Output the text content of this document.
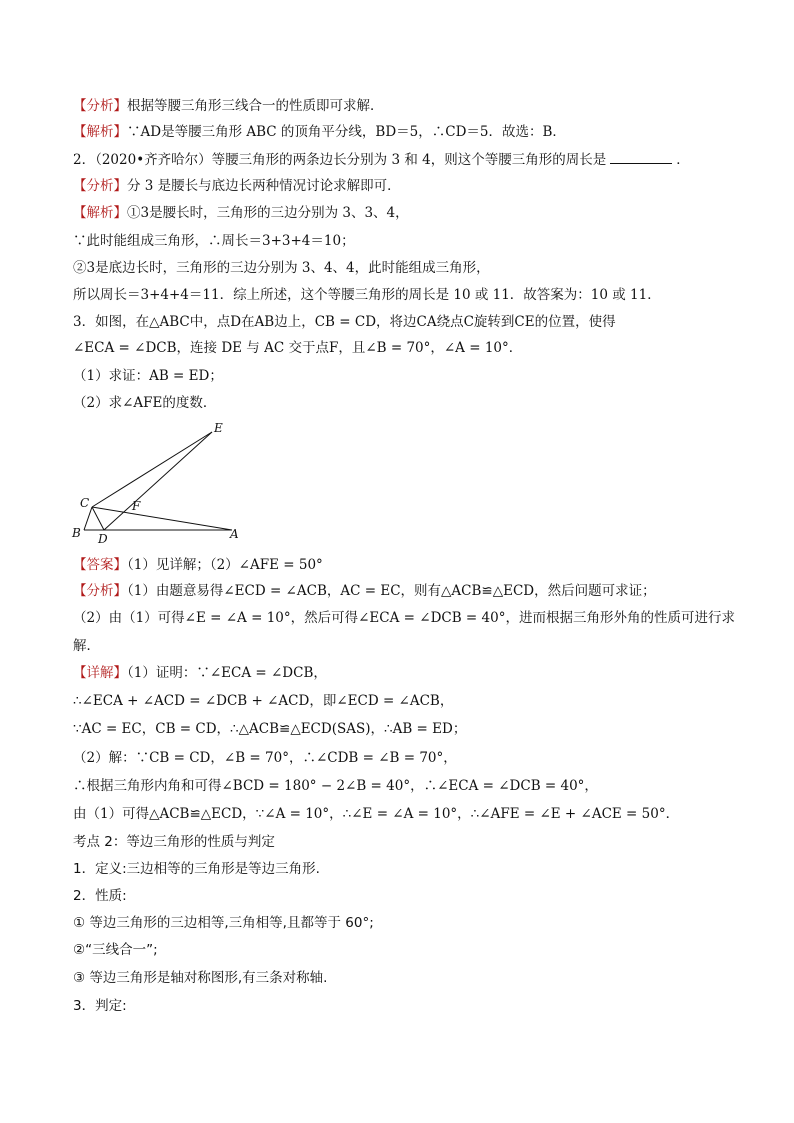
【分析】根据等腰三角形三线合一的性质即可求解．
【解析】∵AD是等腰三角形 ABC 的顶角平分线，BD＝5，∴CD＝5．故选：B．
2．（2020•齐齐哈尔）等腰三角形的两条边长分别为 3 和 4，则这个等腰三角形的周长是	．
【分析】分 3 是腰长与底边长两种情况讨论求解即可．
【解析】①3是腰长时，三角形的三边分别为 3、3、4，
∵此时能组成三角形，∴周长＝3+3+4＝10；
②3是底边长时，三角形的三边分别为 3、4、4，此时能组成三角形，
所以周长＝3+4+4＝11．综上所述，这个等腰三角形的周长是 10 或 11．故答案为：10 或 11．
3．如图，在△ABC中，点D在AB边上，CB = CD，将边CA绕点C旋转到CE的位置，使得
∠ECA = ∠DCB，连接 DE 与 AC 交于点F，且∠B = 70°，∠A = 10°．
（1）求证：AB = ED；
（2）求∠AFE的度数．
E
C	F
B D	A
【答案】（1）见详解；（2）∠AFE = 50°
【分析】（1）由题意易得∠ECD = ∠ACB，AC = EC，则有△ACB≌△ECD，然后问题可求证；
（2）由（1）可得∠E = ∠A = 10°，然后可得∠ECA = ∠DCB = 40°，进而根据三角形外角的性质可进行求
解．
【详解】（1）证明：∵∠ECA = ∠DCB，
∴∠ECA + ∠ACD = ∠DCB + ∠ACD，即∠ECD = ∠ACB，
∵AC = EC，CB = CD，∴△ACB≌△ECD(SAS)，∴AB = ED；
（2）解：∵CB = CD，∠B = 70°，∴∠CDB = ∠B = 70°，
∴根据三角形内角和可得∠BCD = 180° − 2∠B = 40°，∴∠ECA = ∠DCB = 40°，
由（1）可得△ACB≌△ECD，∵∠A = 10°，∴∠E = ∠A = 10°，∴∠AFE = ∠E + ∠ACE = 50°．
考点 2：等边三角形的性质与判定
1．定义:三边相等的三角形是等边三角形.
2．性质:
① 等边三角形的三边相等,三角相等,且都等于 60°;
②“三线合一”;
③ 等边三角形是轴对称图形,有三条对称轴.
3．判定:
